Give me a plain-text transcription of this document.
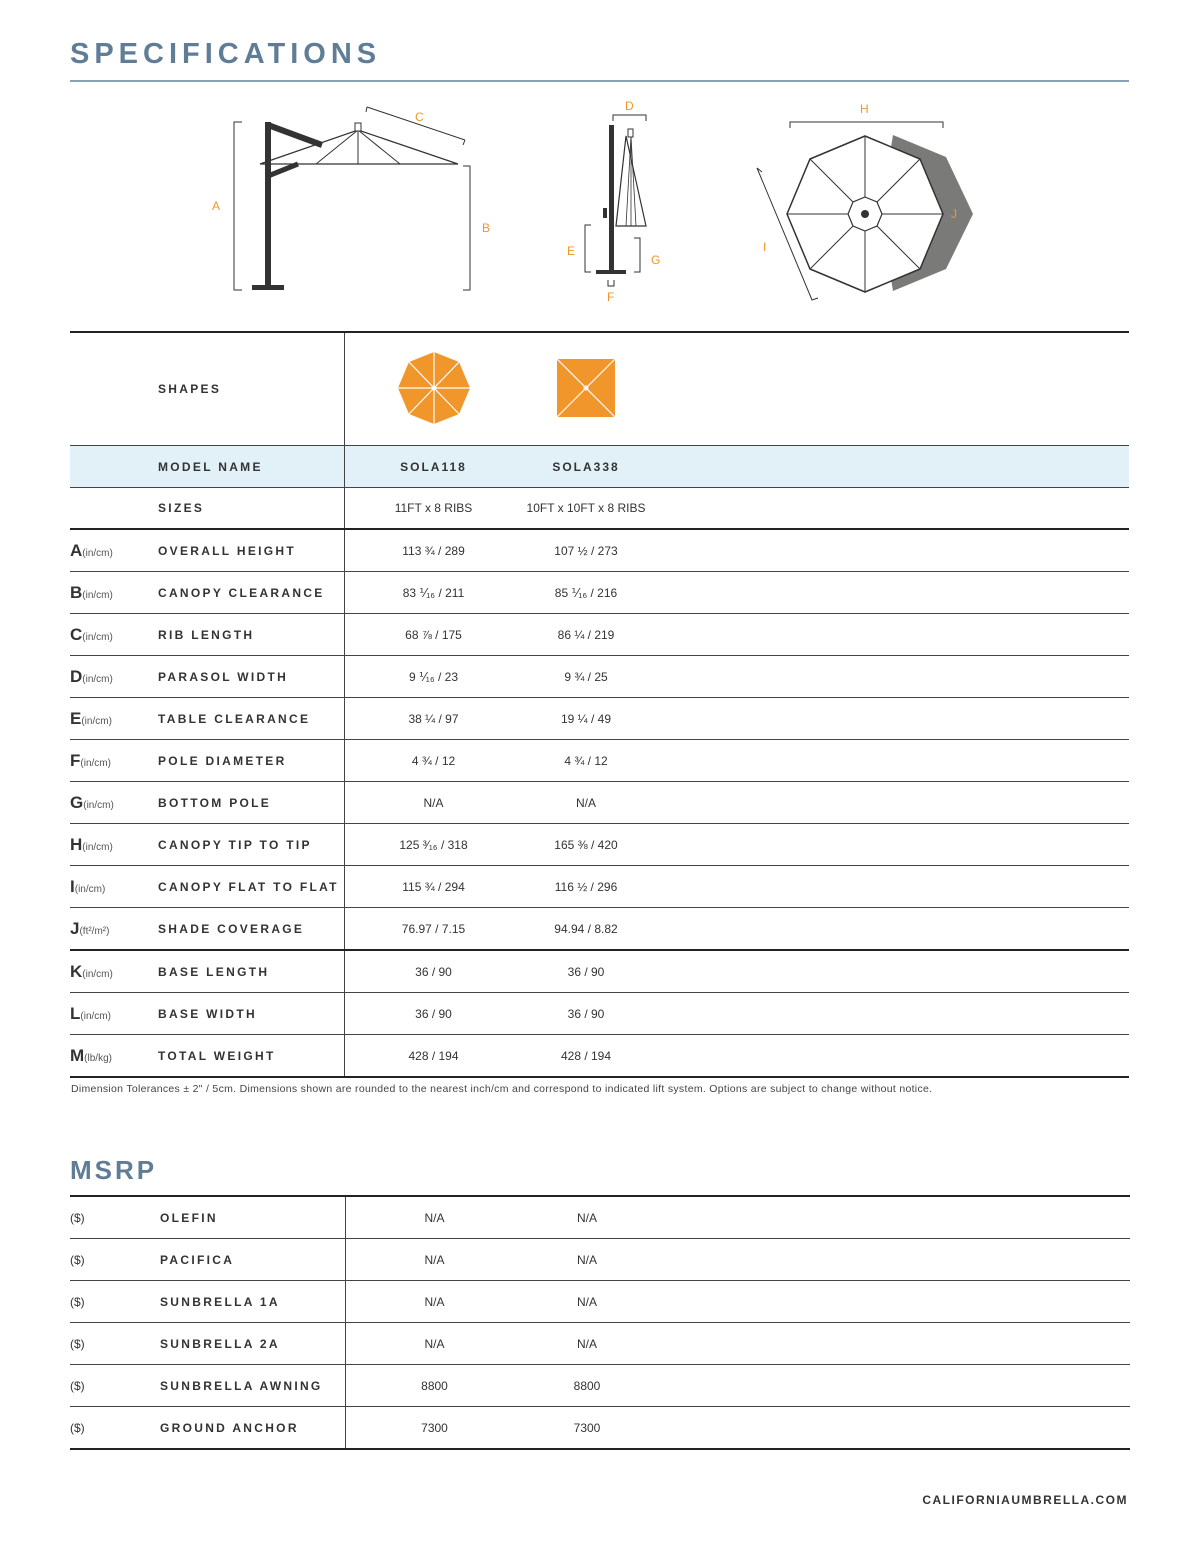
SPECIFICATIONS
A
B
C
D
E
F
G
H
I
J
	SHAPES			
	MODEL NAME	SOLA118	SOLA338	
	SIZES	11FT x 8 RIBS	10FT x 10FT x 8 RIBS	
A(in/cm)	OVERALL HEIGHT	113 ¾ / 289	107 ½ / 273	
B(in/cm)	CANOPY CLEARANCE	83 ⅟₁₆ / 211	85 ⅟₁₆ / 216	
C(in/cm)	RIB LENGTH	68 ⅞ / 175	86 ¼ / 219	
D(in/cm)	PARASOL WIDTH	9 ⅟₁₆ / 23	9 ¾ / 25	
E(in/cm)	TABLE CLEARANCE	38 ¼ / 97	19 ¼ / 49	
F(in/cm)	POLE DIAMETER	4 ¾ / 12	4 ¾ / 12	
G(in/cm)	BOTTOM POLE	N/A	N/A	
H(in/cm)	CANOPY TIP TO TIP	125 ³⁄₁₆ / 318	165 ⅜ / 420	
I(in/cm)	CANOPY FLAT TO FLAT	115 ¾ / 294	116 ½ / 296	
J(ft²/m²)	SHADE COVERAGE	76.97 / 7.15	94.94 / 8.82	
K(in/cm)	BASE LENGTH	36 / 90	36 / 90	
L(in/cm)	BASE WIDTH	36 / 90	36 / 90	
M(lb/kg)	TOTAL WEIGHT	428 / 194	428 / 194	
Dimension Tolerances ± 2" / 5cm. Dimensions shown are rounded to the nearest inch/cm and correspond to indicated lift system. Options are subject to change without notice.
MSRP
($)	OLEFIN	N/A	N/A	
($)	PACIFICA	N/A	N/A	
($)	SUNBRELLA 1A	N/A	N/A	
($)	SUNBRELLA 2A	N/A	N/A	
($)	SUNBRELLA AWNING	8800	8800	
($)	GROUND ANCHOR	7300	7300	
CALIFORNIAUMBRELLA.COM
